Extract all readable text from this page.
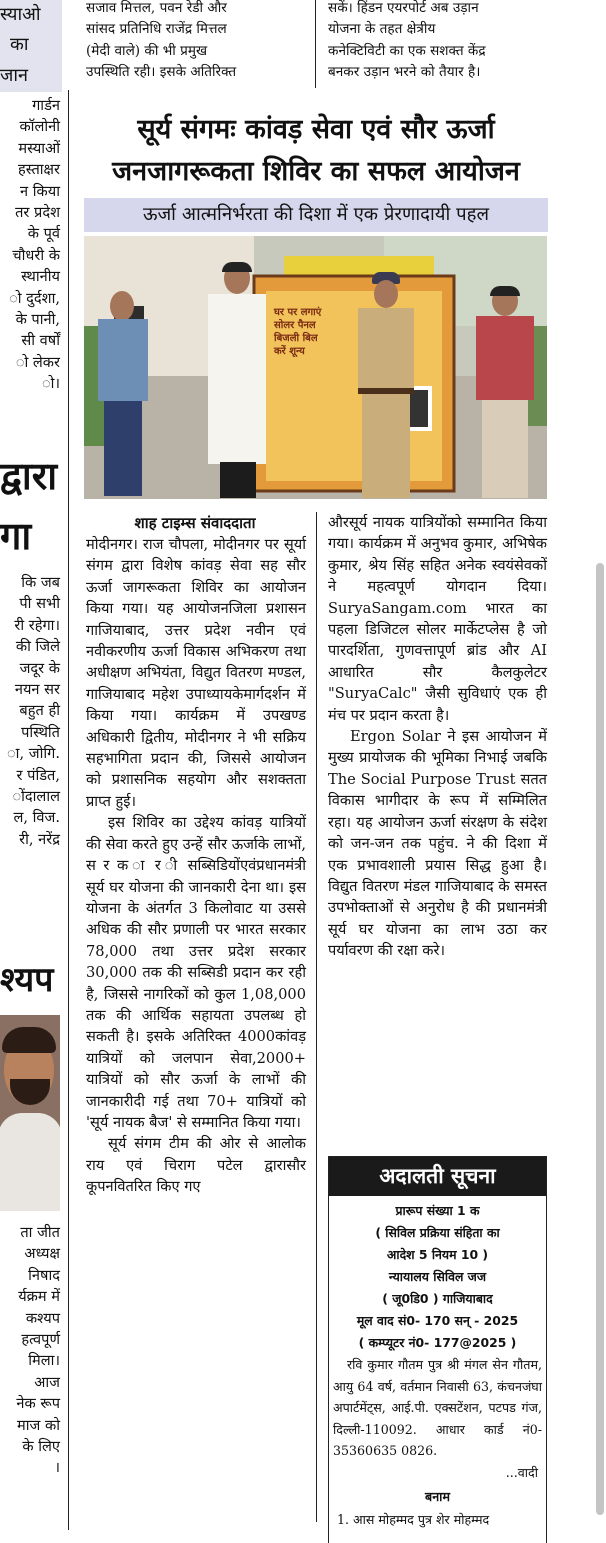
स्याओ

का

जान

गार्डन

कॉलोनी

मस्याओं

हस्ताक्षर

न किया

तर प्रदेश

के पूर्व

चौधरी के

स्थानीय

ो दुर्दशा,

के पानी,

सी वर्षों

ो लेकर

ो।

द्वारा

गा

कि जब

पी सभी

री रहेगा।

की जिले

जदूर के

नयन सर

बहुत ही

पस्थिति

ा, जोगि.

र पंडित,

ोंदालाल

ल, विज.

री, नरेंद्र

श्यप

ता जीत

अध्यक्ष

निषाद

र्यक्रम में

कश्यप

हत्वपूर्ण

मिला।

आज

नेक रूप

माज को

के लिए

।

सजाव मित्तल, पवन रेडी और

सांसद प्रतिनिधि राजेंद्र मित्तल

(मेदी वाले) की भी प्रमुख

उपस्थिति रही। इसके अतिरिक्त

सकें। हिंडन एयरपोर्ट अब उड़ान

योजना के तहत क्षेत्रीय

कनेक्टिविटी का एक सशक्त केंद्र

बनकर उड़ान भरने को तैयार है।

सूर्य संगमः कांवड़ सेवा एवं सौर ऊर्जा
जनजागरूकता शिविर का सफल आयोजन
ऊर्जा आत्मनिर्भरता की दिशा में एक प्रेरणादायी पहल
घर पर लगाएं
सोलर पैनल
बिजली बिल
करें शून्य
शाह टाइम्स संवाददाता

मोदीनगर। राज चौपला, मोदीनगर पर सूर्या संगम द्वारा विशेष कांवड़ सेवा सह सौर ऊर्जा जागरूकता शिविर का आयोजन किया गया। यह आयोजनजिला प्रशासन गाजियाबाद, उत्तर प्रदेश नवीन एवं नवीकरणीय ऊर्जा विकास अभिकरण तथा अधीक्षण अभियंता, विद्युत वितरण मण्डल, गाजियाबाद महेश उपाध्यायकेमार्गदर्शन में किया गया। कार्यक्रम में उपखण्ड अधिकारी द्वितीय, मोदीनगर ने भी सक्रिय सहभागिता प्रदान की, जिससे आयोजन को प्रशासनिक सहयोग और सशक्तता प्राप्त हुई।

इस शिविर का उद्देश्य कांवड़ यात्रियों की सेवा करते हुए उन्हें सौर ऊर्जाके लाभों, स र क ा र ी सब्सिडियोंएवंप्रधानमंत्री सूर्य घर योजना की जानकारी देना था। इस योजना के अंतर्गत 3 किलोवाट या उससे अधिक की सौर प्रणाली पर भारत सरकार 78,000 तथा उत्तर प्रदेश सरकार 30,000 तक की सब्सिडी प्रदान कर रही है, जिससे नागरिकों को कुल 1,08,000 तक की आर्थिक सहायता उपलब्ध हो सकती है। इसके अतिरिक्त 4000कांवड़ यात्रियों को जलपान सेवा,2000+ यात्रियों को सौर ऊर्जा के लाभों की जानकारीदी गई तथा 70+ यात्रियों को 'सूर्य नायक बैज' से सम्मानित किया गया।

सूर्य संगम टीम की ओर से आलोक राय एवं चिराग पटेल द्वारासौर कूपनवितरित किए गए

औरसूर्य नायक यात्रियोंको सम्मानित किया गया। कार्यक्रम में अनुभव कुमार, अभिषेक कुमार, श्रेय सिंह सहित अनेक स्वयंसेवकों ने महत्वपूर्ण योगदान दिया। SuryaSangam.com भारत का पहला डिजिटल सोलर मार्केटप्लेस है जो पारदर्शिता, गुणवत्तापूर्ण ब्रांड और AI आधारित सौर कैलकुलेटर "SuryaCalc" जैसी सुविधाएं एक ही मंच पर प्रदान करता है।

Ergon Solar ने इस आयोजन में मुख्य प्रायोजक की भूमिका निभाई जबकि The Social Purpose Trust सतत विकास भागीदार के रूप में सम्मिलित रहा। यह आयोजन ऊर्जा संरक्षण के संदेश को जन-जन तक पहुंच. ने की दिशा में एक प्रभावशाली प्रयास सिद्ध हुआ है। विद्युत वितरण मंडल गाजियाबाद के समस्त उपभोक्ताओं से अनुरोध है की प्रधानमंत्री सूर्य घर योजना का लाभ उठा कर पर्यावरण की रक्षा करे।

अदालती सूचना
प्रारूप संख्या 1 क
( सिविल प्रक्रिया संहिता का
आदेश 5 नियम 10 )
न्यायालय सिविल जज
( जू0डि0 ) गाजियाबाद
मूल वाद सं0- 170 सन् - 2025
( कम्प्यूटर नं0- 177@2025 )

रवि कुमार गौतम पुत्र श्री मंगल सेन गौतम, आयु 64 वर्ष, वर्तमान निवासी 63, कंचनजंघा अपार्टमेंट्स, आई.पी. एक्सटेंशन, पटपड गंज, दिल्ली-110092. आधार कार्ड नं0-35360635 0826.

...वादी

बनाम

1. आस मोहम्मद पुत्र शेर मोहम्मद
